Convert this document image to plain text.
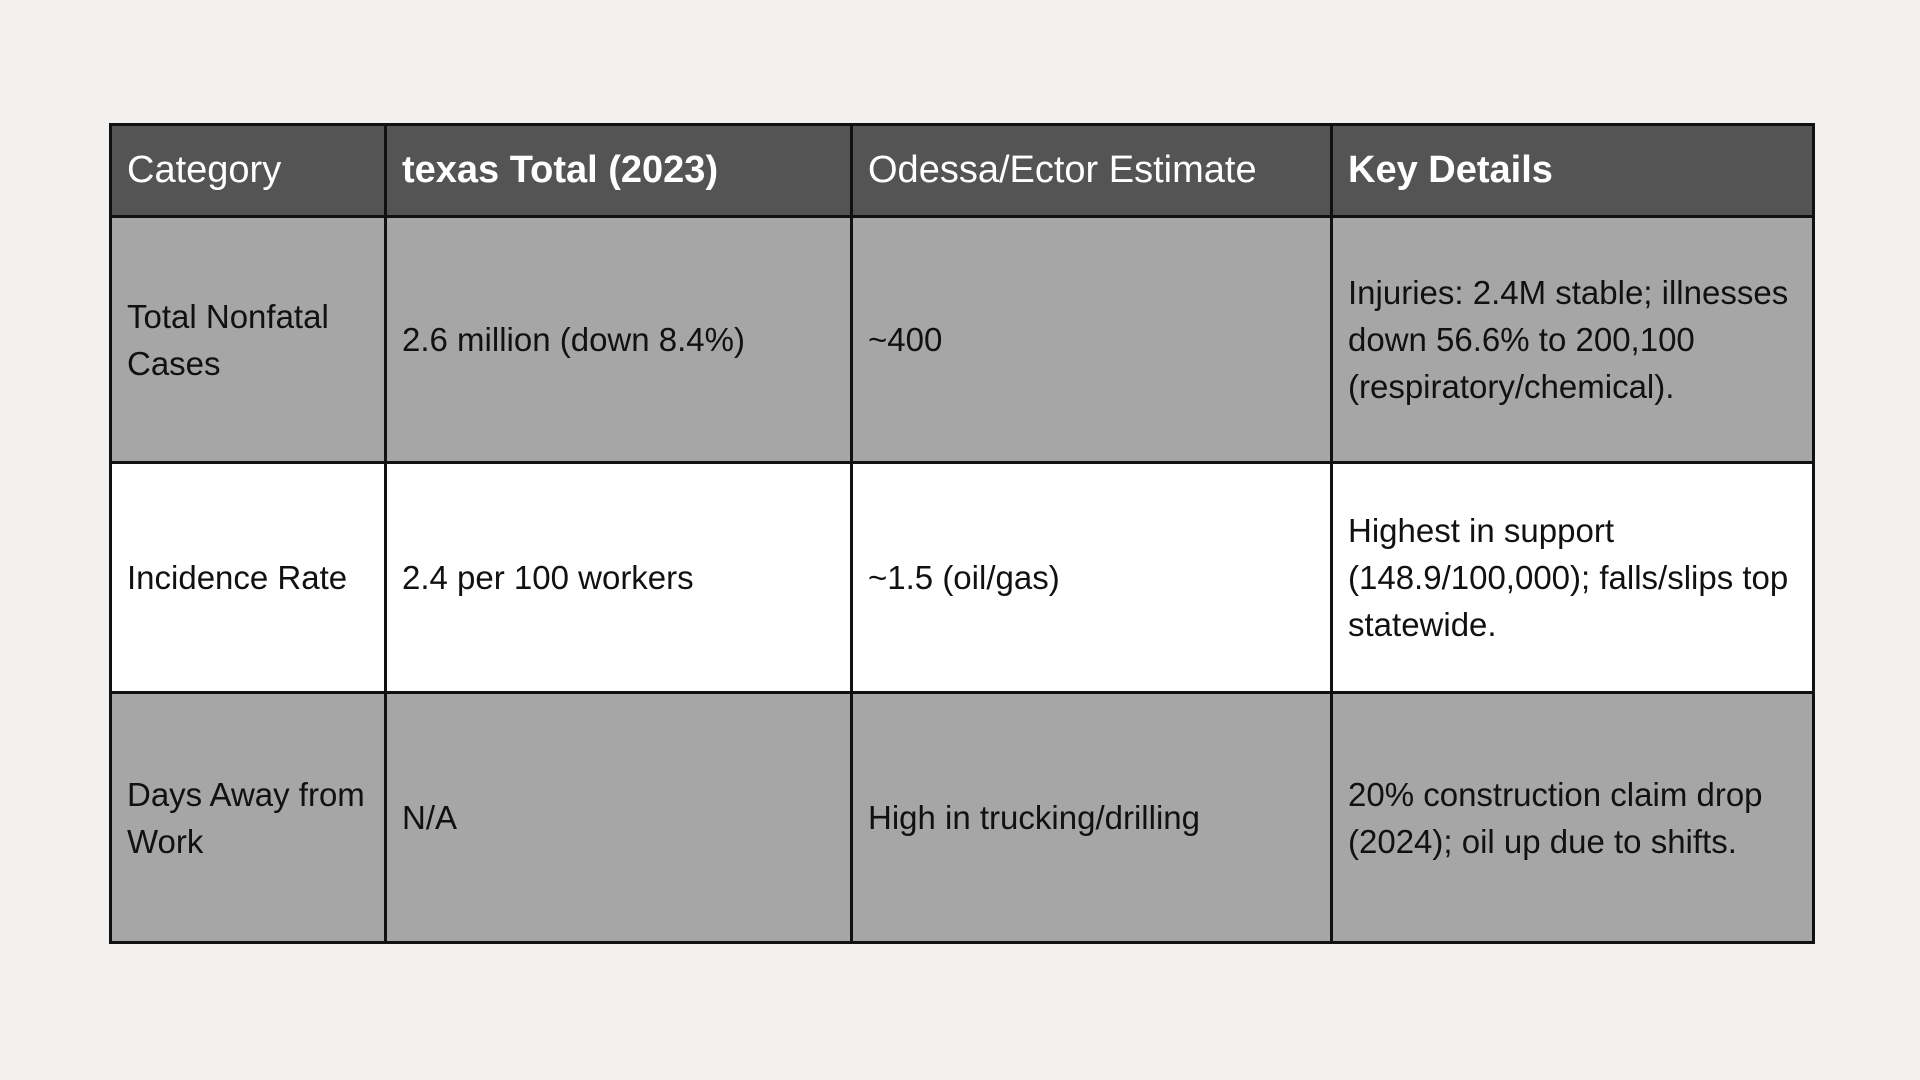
Category	texas Total (2023)	Odessa/Ector Estimate	Key Details
Total Nonfatal Cases	2.6 million (down 8.4%)	~400	Injuries: 2.4M stable; illnesses down 56.6% to 200,100 (respiratory/chemical).
Incidence Rate	2.4 per 100 workers	~1.5 (oil/gas)	Highest in support (148.9/100,000); falls/slips top statewide.
Days Away from Work	N/A	High in trucking/drilling	20% construction claim drop (2024); oil up due to shifts.
